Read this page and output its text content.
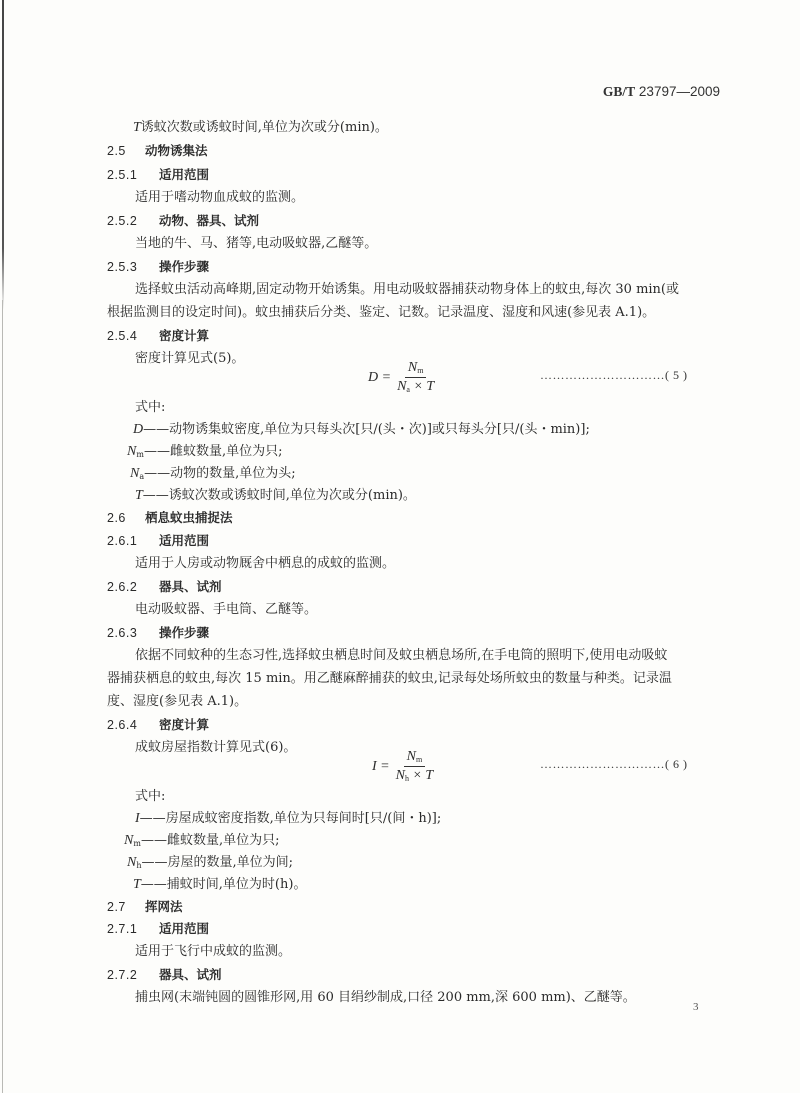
GB/T 23797—2009
T诱蚊次数或诱蚊时间,单位为次或分(min)。
2.5 动物诱集法
2.5.1 适用范围
适用于嗜动物血成蚊的监测。
2.5.2 动物、器具、试剂
当地的牛、马、猪等,电动吸蚊器,乙醚等。
2.5.3 操作步骤
选择蚊虫活动高峰期,固定动物开始诱集。用电动吸蚊器捕获动物身体上的蚊虫,每次 30 min(或
根据监测目的设定时间)。蚊虫捕获后分类、鉴定、记数。记录温度、湿度和风速(参见表 A.1)。
2.5.4 密度计算
密度计算见式(5)。
$D = \frac{N_m}{N_a \times T}$	…………………………( 5 )
式中:
D——动物诱集蚊密度,单位为只每头次[只/(头・次)]或只每头分[只/(头・min)];
$N_m——$雌蚊数量,单位为只;
$N_a——$动物的数量,单位为头;
T——诱蚊次数或诱蚊时间,单位为次或分(min)。
2.6 栖息蚊虫捕捉法
2.6.1 适用范围
适用于人房或动物厩舍中栖息的成蚊的监测。
2.6.2 器具、试剂
电动吸蚊器、手电筒、乙醚等。
2.6.3 操作步骤
依据不同蚊种的生态习性,选择蚊虫栖息时间及蚊虫栖息场所,在手电筒的照明下,使用电动吸蚊
器捕获栖息的蚊虫,每次 15 min。用乙醚麻醉捕获的蚊虫,记录每处场所蚊虫的数量与种类。记录温
度、湿度(参见表 A.1)。
2.6.4 密度计算
成蚊房屋指数计算见式(6)。
$I = \frac{N_m}{N_h \times T}$	…………………………( 6 )
式中:
I——房屋成蚊密度指数,单位为只每间时[只/(间・h)];
$N_m——$雌蚊数量,单位为只;
$N_h——$房屋的数量,单位为间;
T——捕蚊时间,单位为时(h)。
2.7 挥网法
2.7.1 适用范围
适用于飞行中成蚊的监测。
2.7.2 器具、试剂
捕虫网(末端钝圆的圆锥形网,用 60 目绢纱制成,口径 200 mm,深 600 mm)、乙醚等。
3
